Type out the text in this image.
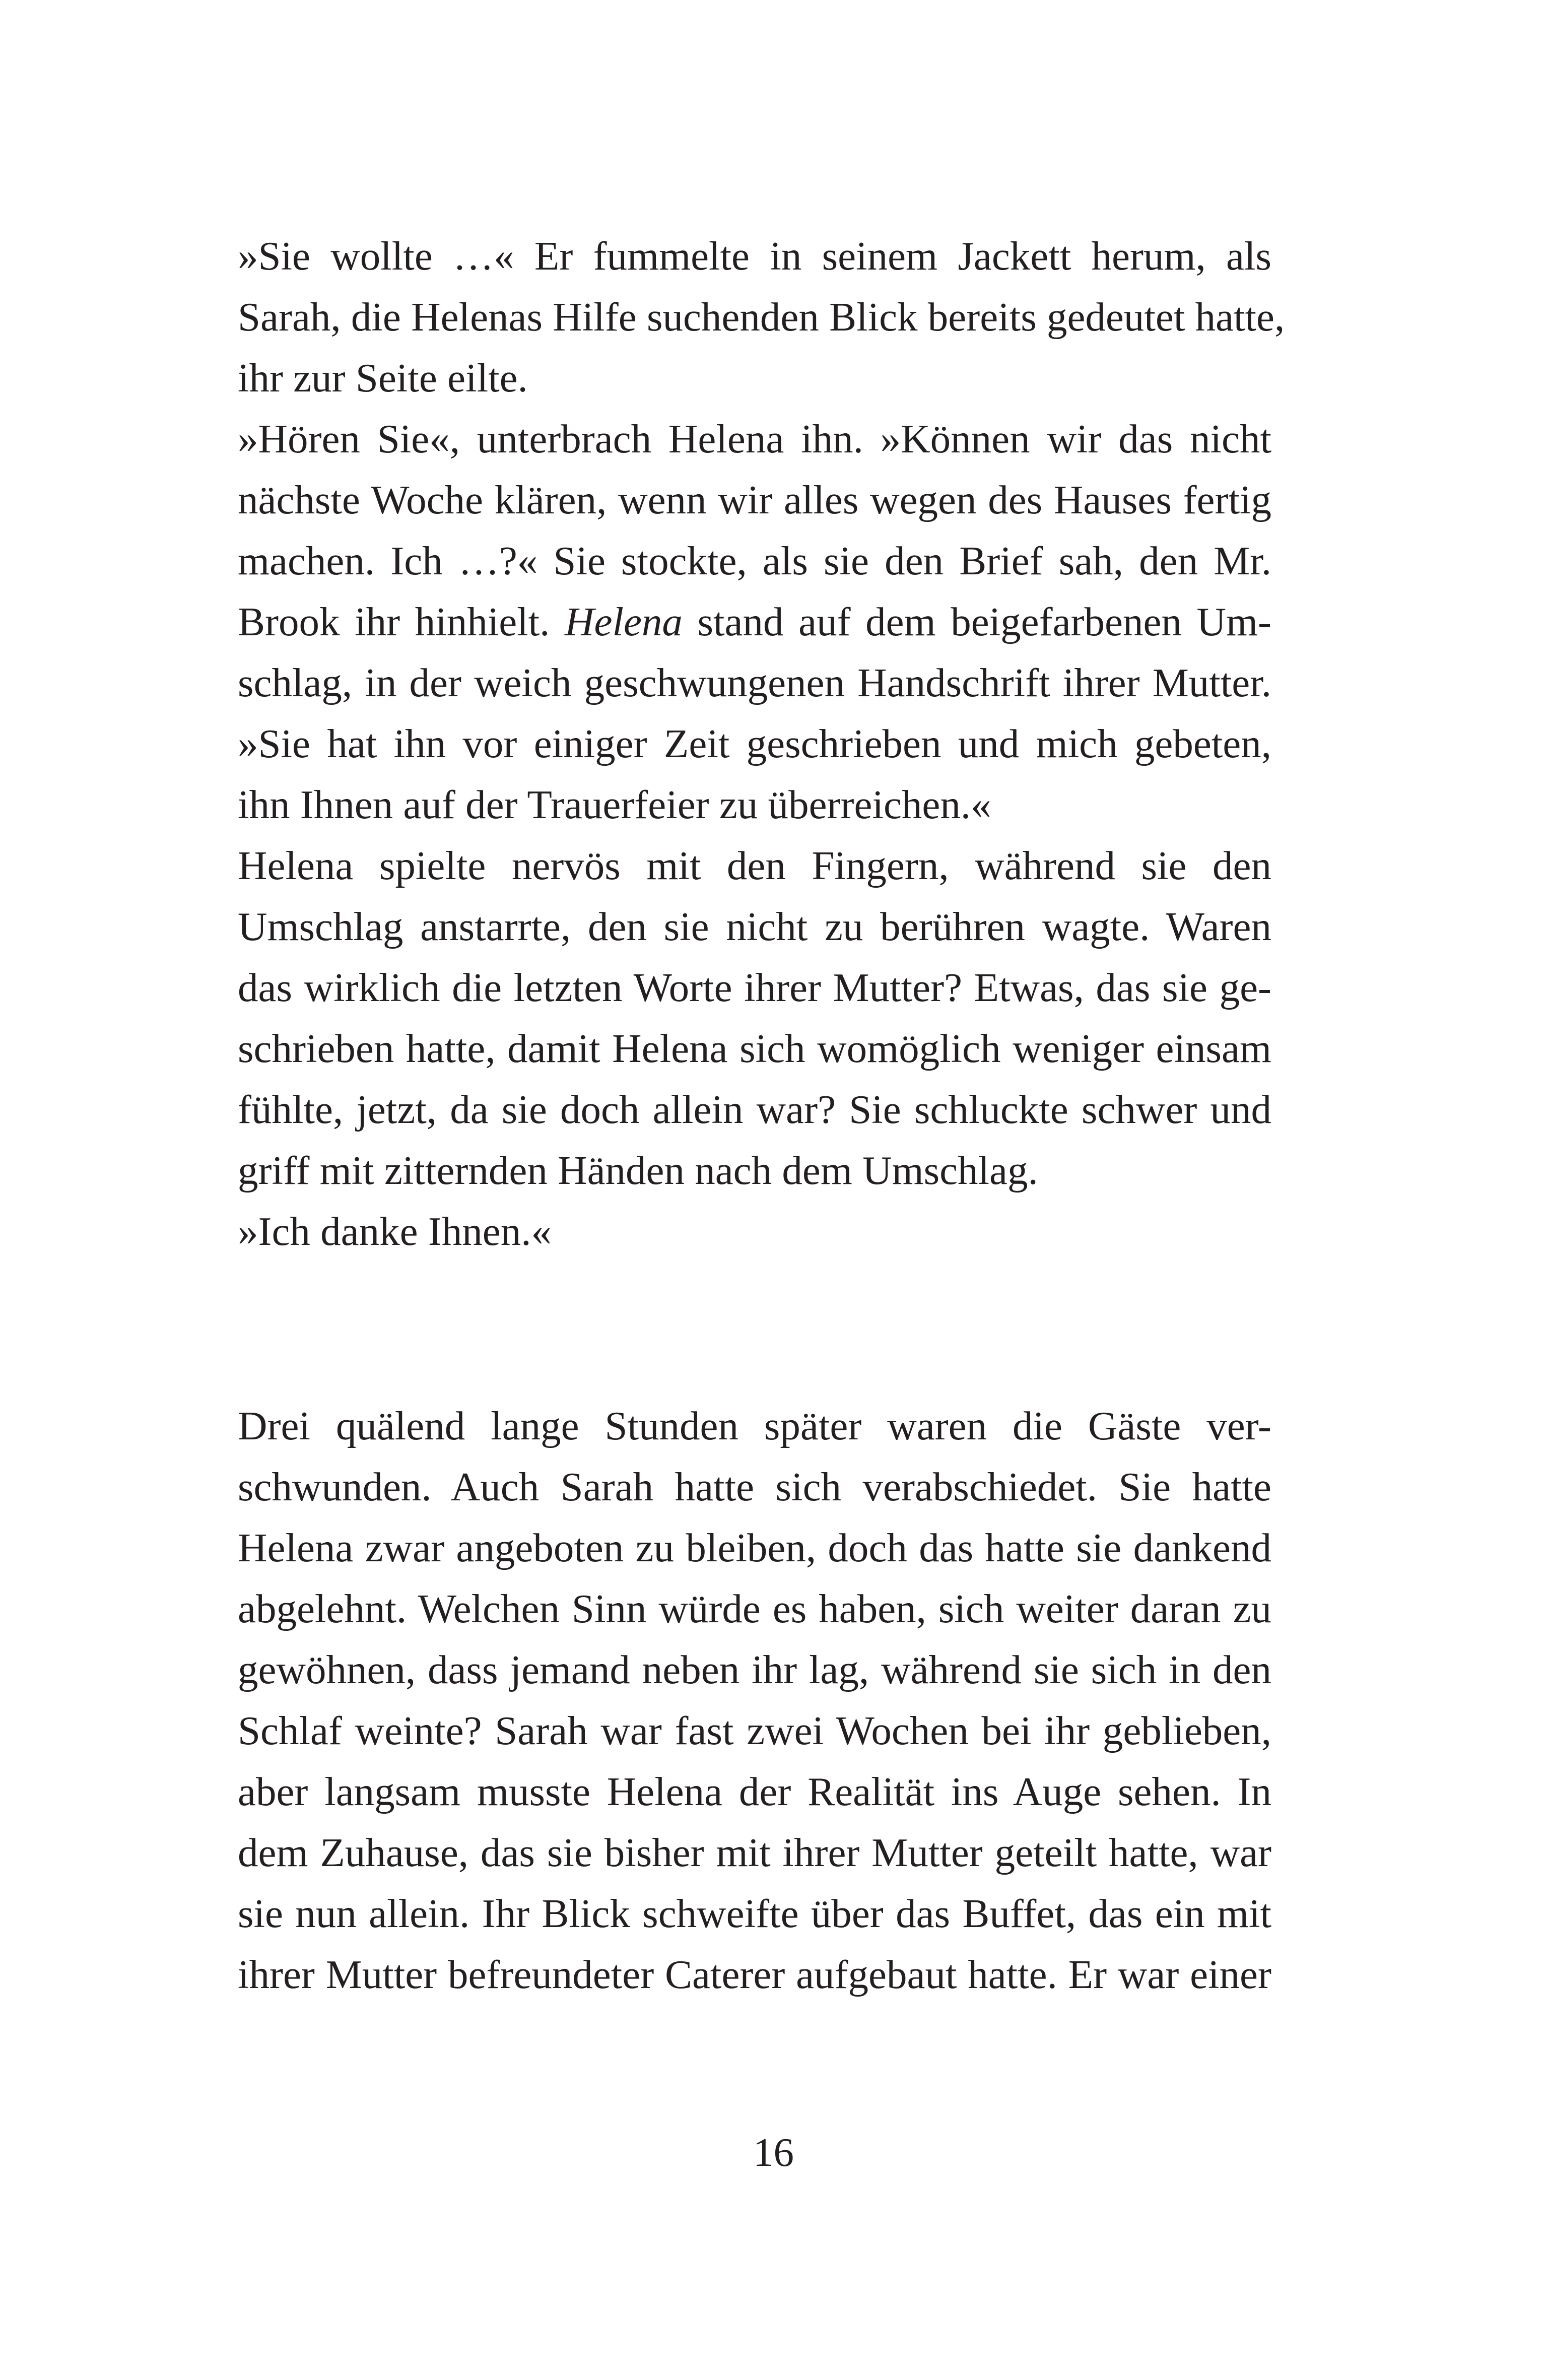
»Sie wollte …« Er fummelte in seinem Jackett herum, als
Sarah, die Helenas Hilfe suchenden Blick bereits gedeutet hatte,
ihr zur Seite eilte.
»Hören Sie«, unterbrach Helena ihn. »Können wir das nicht
nächste Woche klären, wenn wir alles wegen des Hauses fertig
machen. Ich …?« Sie stockte, als sie den Brief sah, den Mr.
Brook ihr hinhielt. Helena stand auf dem beigefarbenen Um-
schlag, in der weich geschwungenen Handschrift ihrer Mutter.
»Sie hat ihn vor einiger Zeit geschrieben und mich gebeten,
ihn Ihnen auf der Trauerfeier zu überreichen.«
Helena spielte nervös mit den Fingern, während sie den
Umschlag anstarrte, den sie nicht zu berühren wagte. Waren
das wirklich die letzten Worte ihrer Mutter? Etwas, das sie ge-
schrieben hatte, damit Helena sich womöglich weniger einsam
fühlte, jetzt, da sie doch allein war? Sie schluckte schwer und
griff mit zitternden Händen nach dem Umschlag.
»Ich danke Ihnen.«
Drei quälend lange Stunden später waren die Gäste ver-
schwunden. Auch Sarah hatte sich verabschiedet. Sie hatte
Helena zwar angeboten zu bleiben, doch das hatte sie dankend
abgelehnt. Welchen Sinn würde es haben, sich weiter daran zu
gewöhnen, dass jemand neben ihr lag, während sie sich in den
Schlaf weinte? Sarah war fast zwei Wochen bei ihr geblieben,
aber langsam musste Helena der Realität ins Auge sehen. In
dem Zuhause, das sie bisher mit ihrer Mutter geteilt hatte, war
sie nun allein. Ihr Blick schweifte über das Buffet, das ein mit
ihrer Mutter befreundeter Caterer aufgebaut hatte. Er war einer
16
